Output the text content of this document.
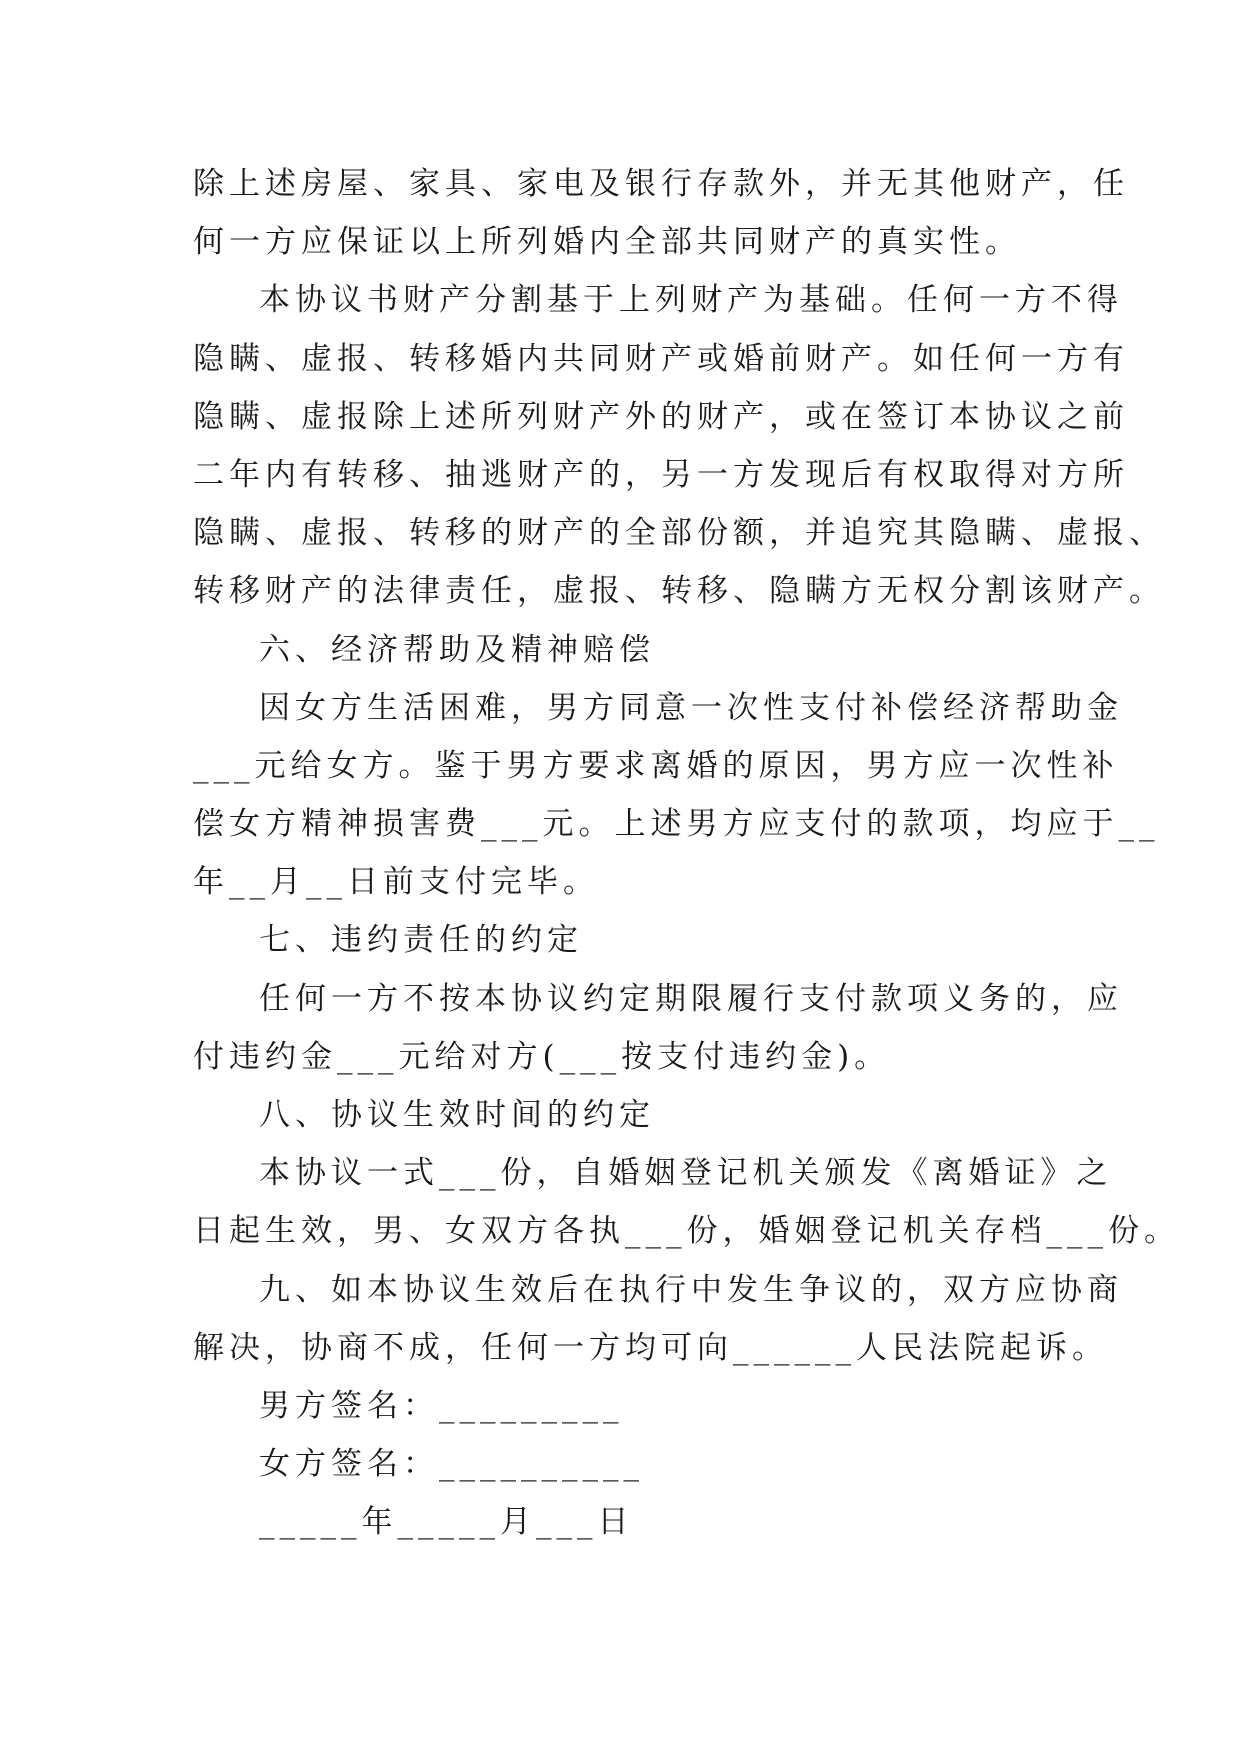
除上述房屋、家具、家电及银行存款外，并无其他财产，任
何一方应保证以上所列婚内全部共同财产的真实性。
本协议书财产分割基于上列财产为基础。任何一方不得
隐瞒、虚报、转移婚内共同财产或婚前财产。如任何一方有
隐瞒、虚报除上述所列财产外的财产，或在签订本协议之前
二年内有转移、抽逃财产的，另一方发现后有权取得对方所
隐瞒、虚报、转移的财产的全部份额，并追究其隐瞒、虚报、
转移财产的法律责任，虚报、转移、隐瞒方无权分割该财产。
六、经济帮助及精神赔偿
因女方生活困难，男方同意一次性支付补偿经济帮助金
___元给女方。鉴于男方要求离婚的原因，男方应一次性补
偿女方精神损害费___元。上述男方应支付的款项，均应于__
年__月__日前支付完毕。
七、违约责任的约定
任何一方不按本协议约定期限履行支付款项义务的，应
付违约金___元给对方(___按支付违约金)。
八、协议生效时间的约定
本协议一式___份，自婚姻登记机关颁发《离婚证》之
日起生效，男、女双方各执___份，婚姻登记机关存档___份。
九、如本协议生效后在执行中发生争议的，双方应协商
解决，协商不成，任何一方均可向______人民法院起诉。
男方签名：_________
女方签名：__________
_____年_____月___日
